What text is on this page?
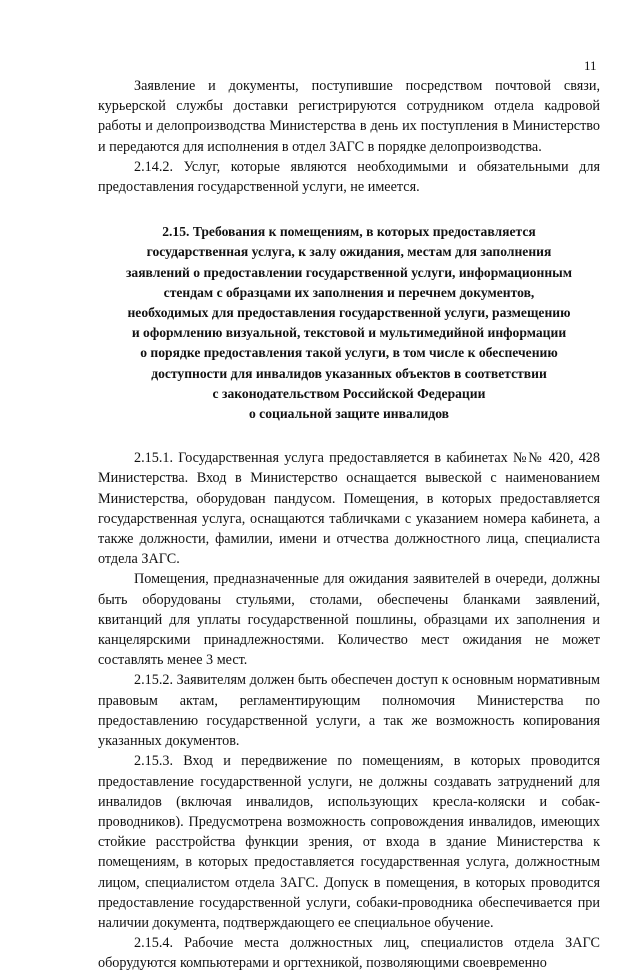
11

Заявление и документы, поступившие посредством почтовой связи, курьерской службы доставки регистрируются сотрудником отдела кадровой работы и делопроизводства Министерства в день их поступления в Министерство и передаются для исполнения в отдел ЗАГС в порядке делопроизводства.

2.14.2. Услуг, которые являются необходимыми и обязательными для предоставления государственной услуги, не имеется.

2.15. Требования к помещениям, в которых предоставляется
государственная услуга, к залу ожидания, местам для заполнения
заявлений о предоставлении государственной услуги, информационным
стендам с образцами их заполнения и перечнем документов,
необходимых для предоставления государственной услуги, размещению
и оформлению визуальной, текстовой и мультимедийной информации
о порядке предоставления такой услуги, в том числе к обеспечению
доступности для инвалидов указанных объектов в соответствии
с законодательством Российской Федерации
о социальной защите инвалидов

2.15.1. Государственная услуга предоставляется в кабинетах №№ 420, 428 Министерства. Вход в Министерство оснащается вывеской с наименованием Министерства, оборудован пандусом. Помещения, в которых предоставляется государственная услуга, оснащаются табличками с указанием номера кабинета, а также должности, фамилии, имени и отчества должностного лица, специалиста отдела ЗАГС.

Помещения, предназначенные для ожидания заявителей в очереди, должны быть оборудованы стульями, столами, обеспечены бланками заявлений, квитанций для уплаты государственной пошлины, образцами их заполнения и канцелярскими принадлежностями. Количество мест ожидания не может составлять менее 3 мест.

2.15.2. Заявителям должен быть обеспечен доступ к основным нормативным правовым актам, регламентирующим полномочия Министерства по предоставлению государственной услуги, а так же возможность копирования указанных документов.

2.15.3. Вход и передвижение по помещениям, в которых проводится предоставление государственной услуги, не должны создавать затруднений для инвалидов (включая инвалидов, использующих кресла-коляски и собак-проводников). Предусмотрена возможность сопровождения инвалидов, имеющих стойкие расстройства функции зрения, от входа в здание Министерства к помещениям, в которых предоставляется государственная услуга, должностным лицом, специалистом отдела ЗАГС. Допуск в помещения, в которых проводится предоставление государственной услуги, собаки-проводника обеспечивается при наличии документа, подтверждающего ее специальное обучение.

2.15.4. Рабочие места должностных лиц, специалистов отдела ЗАГС оборудуются компьютерами и оргтехникой, позволяющими своевременно
